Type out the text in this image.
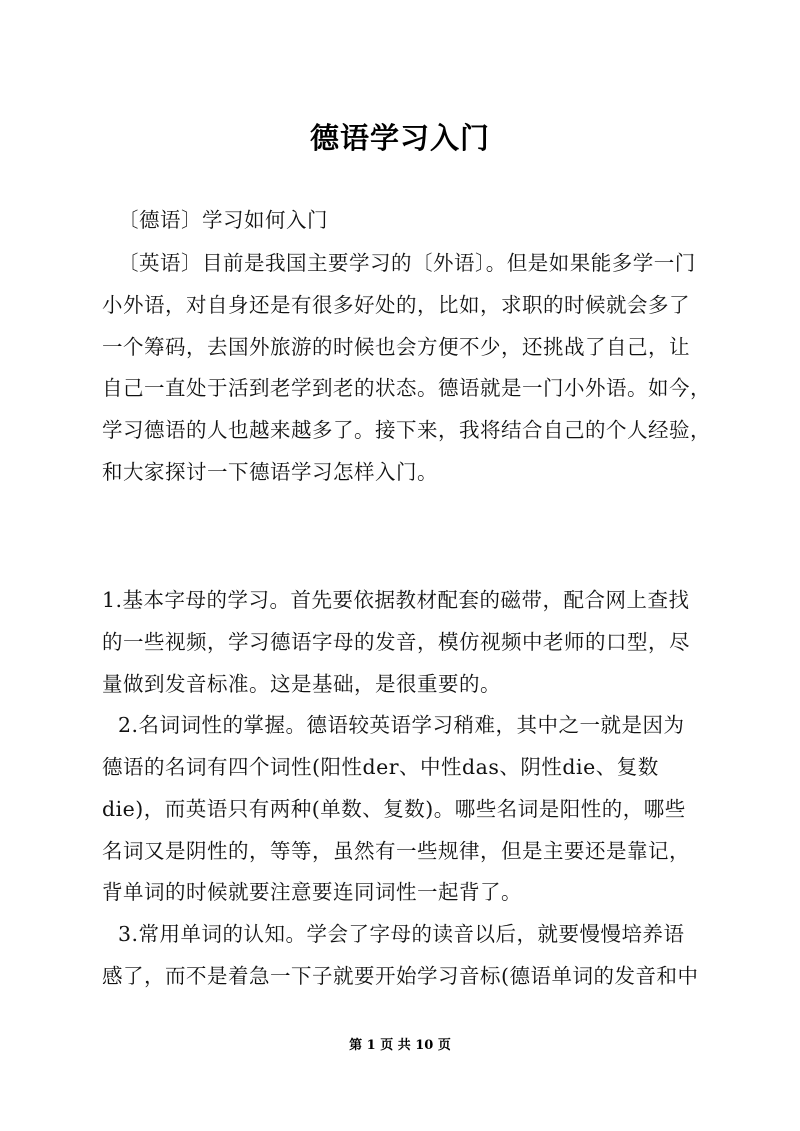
德语学习入门
〔德语〕学习如何入门
〔英语〕目前是我国主要学习的〔外语〕。但是如果能多学一门
小外语，对自身还是有很多好处的，比如，求职的时候就会多了
一个筹码，去国外旅游的时候也会方便不少，还挑战了自己，让
自己一直处于活到老学到老的状态。德语就是一门小外语。如今，
学习德语的人也越来越多了。接下来，我将结合自己的个人经验，
和大家探讨一下德语学习怎样入门。
1.基本字母的学习。首先要依据教材配套的磁带，配合网上查找
的一些视频，学习德语字母的发音，模仿视频中老师的口型，尽
量做到发音标准。这是基础，是很重要的。
2.名词词性的掌握。德语较英语学习稍难，其中之一就是因为
德语的名词有四个词性(阳性der、中性das、阴性die、复数
die)，而英语只有两种(单数、复数)。哪些名词是阳性的，哪些
名词又是阴性的，等等，虽然有一些规律，但是主要还是靠记，
背单词的时候就要注意要连同词性一起背了。
3.常用单词的认知。学会了字母的读音以后，就要慢慢培养语
感了，而不是着急一下子就要开始学习音标(德语单词的发音和中
第 1 页 共 10 页
